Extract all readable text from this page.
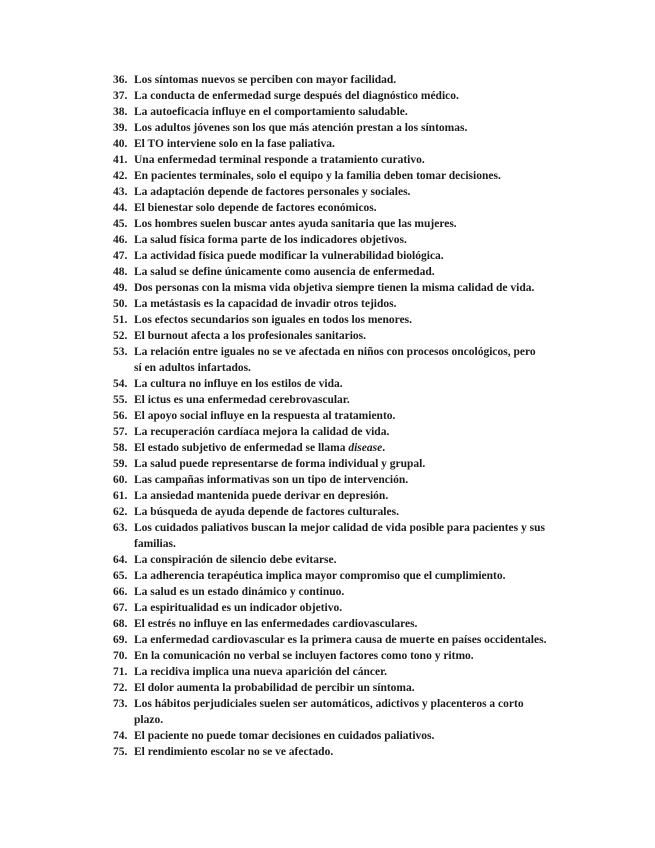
36. Los síntomas nuevos se perciben con mayor facilidad.
37. La conducta de enfermedad surge después del diagnóstico médico.
38. La autoeficacia influye en el comportamiento saludable.
39. Los adultos jóvenes son los que más atención prestan a los síntomas.
40. El TO interviene solo en la fase paliativa.
41. Una enfermedad terminal responde a tratamiento curativo.
42. En pacientes terminales, solo el equipo y la familia deben tomar decisiones.
43. La adaptación depende de factores personales y sociales.
44. El bienestar solo depende de factores económicos.
45. Los hombres suelen buscar antes ayuda sanitaria que las mujeres.
46. La salud física forma parte de los indicadores objetivos.
47. La actividad física puede modificar la vulnerabilidad biológica.
48. La salud se define únicamente como ausencia de enfermedad.
49. Dos personas con la misma vida objetiva siempre tienen la misma calidad de vida.
50. La metástasis es la capacidad de invadir otros tejidos.
51. Los efectos secundarios son iguales en todos los menores.
52. El burnout afecta a los profesionales sanitarios.
53. La relación entre iguales no se ve afectada en niños con procesos oncológicos, pero
sí en adultos infartados.
54. La cultura no influye en los estilos de vida.
55. El ictus es una enfermedad cerebrovascular.
56. El apoyo social influye en la respuesta al tratamiento.
57. La recuperación cardíaca mejora la calidad de vida.
58. El estado subjetivo de enfermedad se llama disease.
59. La salud puede representarse de forma individual y grupal.
60. Las campañas informativas son un tipo de intervención.
61. La ansiedad mantenida puede derivar en depresión.
62. La búsqueda de ayuda depende de factores culturales.
63. Los cuidados paliativos buscan la mejor calidad de vida posible para pacientes y sus
familias.
64. La conspiración de silencio debe evitarse.
65. La adherencia terapéutica implica mayor compromiso que el cumplimiento.
66. La salud es un estado dinámico y continuo.
67. La espiritualidad es un indicador objetivo.
68. El estrés no influye en las enfermedades cardiovasculares.
69. La enfermedad cardiovascular es la primera causa de muerte en países occidentales.
70. En la comunicación no verbal se incluyen factores como tono y ritmo.
71. La recidiva implica una nueva aparición del cáncer.
72. El dolor aumenta la probabilidad de percibir un síntoma.
73. Los hábitos perjudiciales suelen ser automáticos, adictivos y placenteros a corto
plazo.
74. El paciente no puede tomar decisiones en cuidados paliativos.
75. El rendimiento escolar no se ve afectado.
